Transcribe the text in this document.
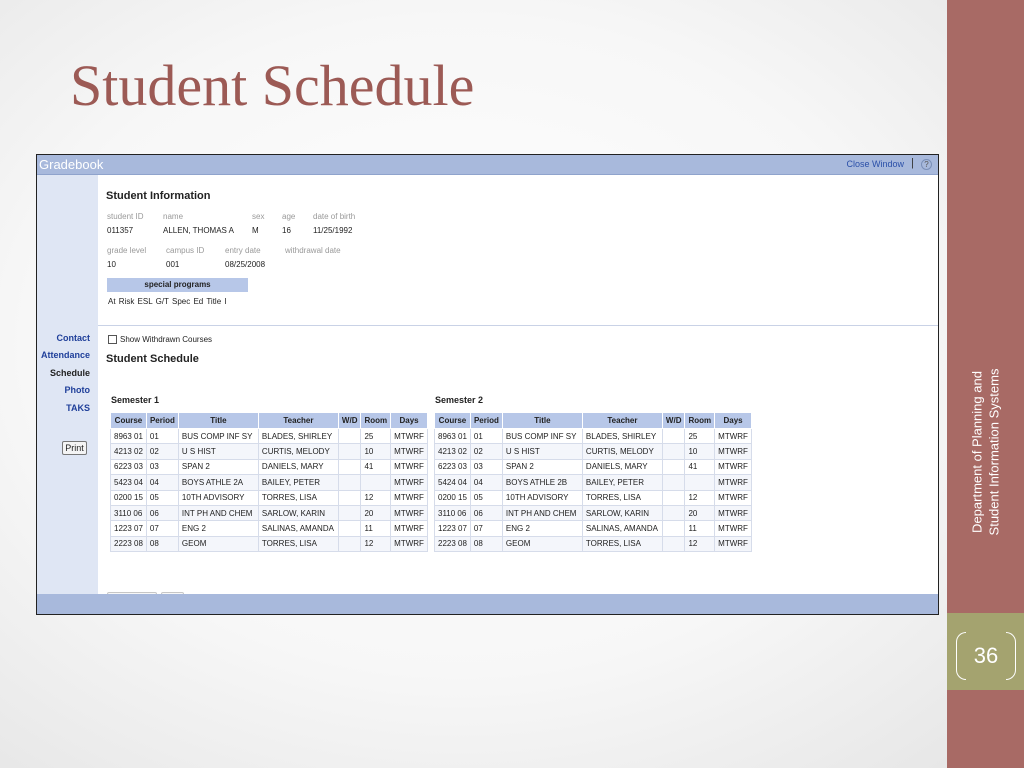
Student Schedule
Department of Planning and Student Information Systems
36
Gradebook	Close Window |	?
Contact
Attendance
Schedule
Photo
TAKS
Print
Student Information
student ID name	sex age date of birth
011357	ALLEN, THOMAS A M	16	11/25/1992
grade level campus ID	entry date	withdrawal date
10	001	08/25/2008
special programs
At Risk ESL G/T Spec Ed Title I
Show Withdrawn Courses
Student Schedule
Semester 1	Semester 2
Course	Period	Title	Teacher	W/D	Room	Days
8963 01	01	BUS COMP INF SY	BLADES, SHIRLEY		25	MTWRF
4213 02	02	U S HIST	CURTIS, MELODY		10	MTWRF
6223 03	03	SPAN 2	DANIELS, MARY		41	MTWRF
5423 04	04	BOYS ATHLE 2A	BAILEY, PETER			MTWRF
0200 15	05	10TH ADVISORY	TORRES, LISA		12	MTWRF
3110 06	06	INT PH AND CHEM	SARLOW, KARIN		20	MTWRF
1223 07	07	ENG 2	SALINAS, AMANDA		11	MTWRF
2223 08	08	GEOM	TORRES, LISA		12	MTWRF
Course	Period	Title	Teacher	W/D	Room	Days
8963 01	01	BUS COMP INF SY	BLADES, SHIRLEY		25	MTWRF
4213 02	02	U S HIST	CURTIS, MELODY		10	MTWRF
6223 03	03	SPAN 2	DANIELS, MARY		41	MTWRF
5424 04	04	BOYS ATHLE 2B	BAILEY, PETER			MTWRF
0200 15	05	10TH ADVISORY	TORRES, LISA		12	MTWRF
3110 06	06	INT PH AND CHEM	SARLOW, KARIN		20	MTWRF
1223 07	07	ENG 2	SALINAS, AMANDA		11	MTWRF
2223 08	08	GEOM	TORRES, LISA		12	MTWRF
